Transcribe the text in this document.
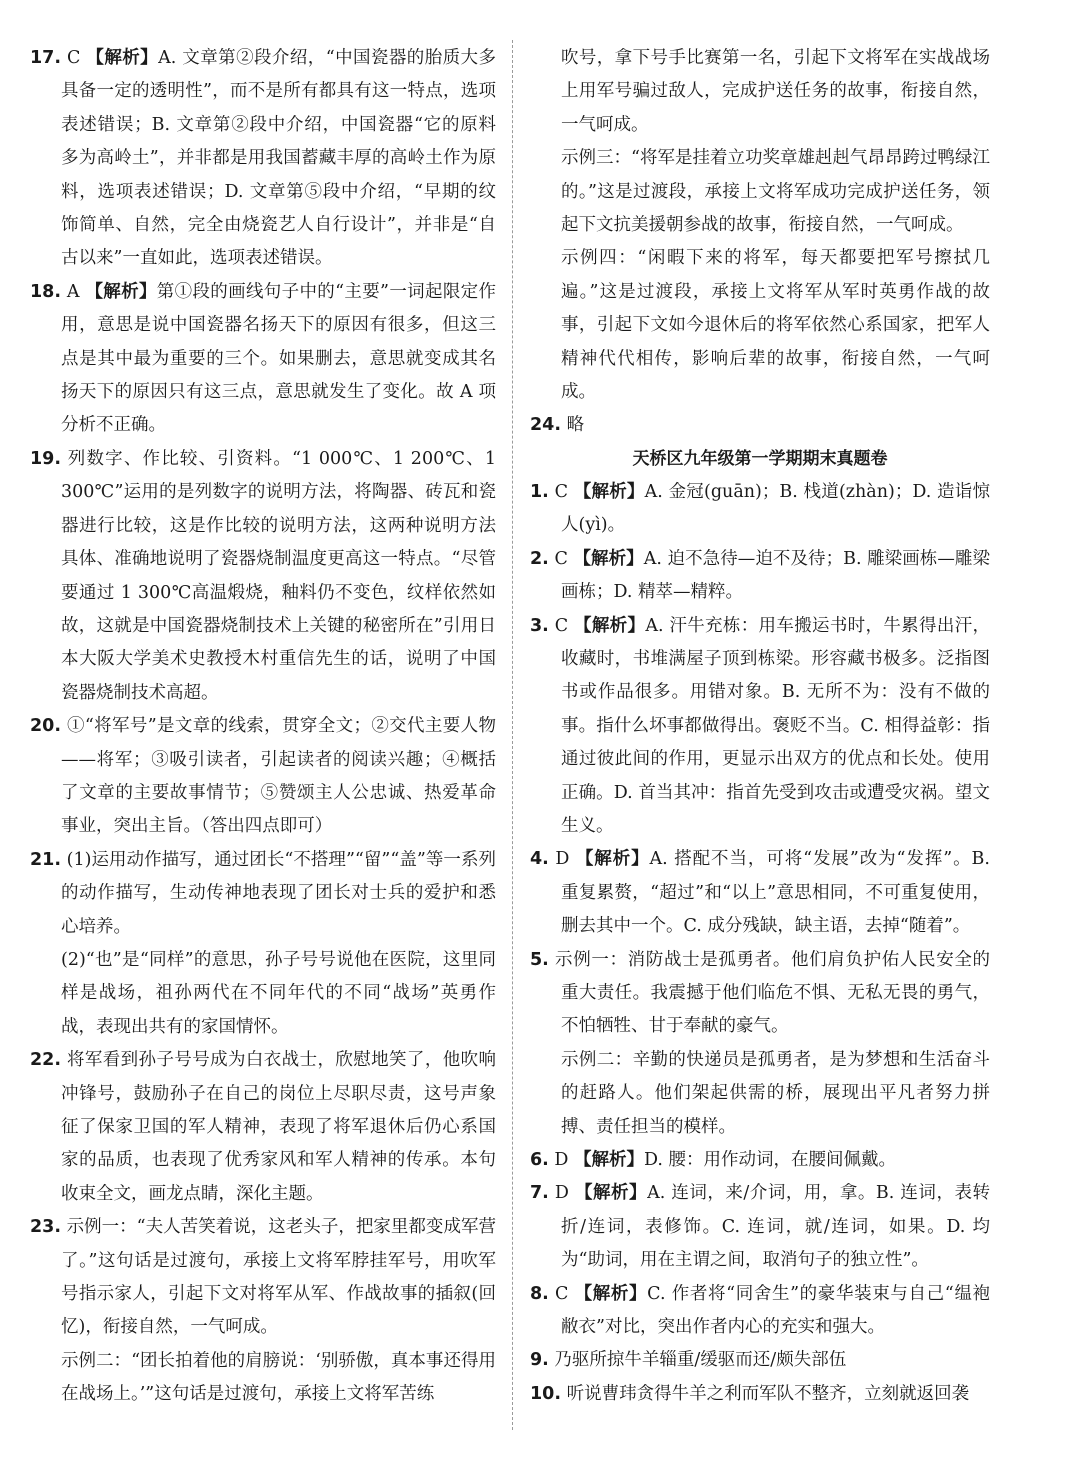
17. C 【解析】A. 文章第②段介绍，“中国瓷器的胎质大多具备一定的透明性”，而不是所有都具有这一特点，选项表述错误；B. 文章第②段中介绍，中国瓷器“它的原料多为高岭土”，并非都是用我国蓄藏丰厚的高岭土作为原料，选项表述错误；D. 文章第⑤段中介绍，“早期的纹饰简单、自然，完全由烧瓷艺人自行设计”，并非是“自古以来”一直如此，选项表述错误。

18. A 【解析】第①段的画线句子中的“主要”一词起限定作用，意思是说中国瓷器名扬天下的原因有很多，但这三点是其中最为重要的三个。如果删去，意思就变成其名扬天下的原因只有这三点，意思就发生了变化。故 A 项分析不正确。

19. 列数字、作比较、引资料。“1 000℃、1 200℃、1 300℃”运用的是列数字的说明方法，将陶器、砖瓦和瓷器进行比较，这是作比较的说明方法，这两种说明方法具体、准确地说明了瓷器烧制温度更高这一特点。“尽管要通过 1 300℃高温煅烧，釉料仍不变色，纹样依然如故，这就是中国瓷器烧制技术上关键的秘密所在”引用日本大阪大学美术史教授木村重信先生的话，说明了中国瓷器烧制技术高超。

20. ①“将军号”是文章的线索，贯穿全文；②交代主要人物——将军；③吸引读者，引起读者的阅读兴趣；④概括了文章的主要故事情节；⑤赞颂主人公忠诚、热爱革命事业，突出主旨。（答出四点即可）

21. (1)运用动作描写，通过团长“不搭理”“留”“盖”等一系列的动作描写，生动传神地表现了团长对士兵的爱护和悉心培养。

(2)“也”是“同样”的意思，孙子号号说他在医院，这里同样是战场，祖孙两代在不同年代的不同“战场”英勇作战，表现出共有的家国情怀。

22. 将军看到孙子号号成为白衣战士，欣慰地笑了，他吹响冲锋号，鼓励孙子在自己的岗位上尽职尽责，这号声象征了保家卫国的军人精神，表现了将军退休后仍心系国家的品质，也表现了优秀家风和军人精神的传承。本句收束全文，画龙点睛，深化主题。

23. 示例一：“夫人苦笑着说，这老头子，把家里都变成军营了。”这句话是过渡句，承接上文将军脖挂军号，用吹军号指示家人，引起下文对将军从军、作战故事的插叙(回忆)，衔接自然，一气呵成。

示例二：“团长拍着他的肩膀说：‘别骄傲，真本事还得用在战场上。’”这句话是过渡句，承接上文将军苦练

吹号，拿下号手比赛第一名，引起下文将军在实战战场上用军号骗过敌人，完成护送任务的故事，衔接自然，一气呵成。

示例三：“将军是挂着立功奖章雄赳赳气昂昂跨过鸭绿江的。”这是过渡段，承接上文将军成功完成护送任务，领起下文抗美援朝参战的故事，衔接自然，一气呵成。

示例四：“闲暇下来的将军，每天都要把军号擦拭几遍。”这是过渡段，承接上文将军从军时英勇作战的故事，引起下文如今退休后的将军依然心系国家，把军人精神代代相传，影响后辈的故事，衔接自然，一气呵成。

24. 略

天桥区九年级第一学期期末真题卷

1. C 【解析】A. 金冠(guān)；B. 栈道(zhàn)；D. 造诣惊人(yì)。

2. C 【解析】A. 迫不急待—迫不及待；B. 雕梁画栋—雕梁画栋；D. 精萃—精粹。

3. C 【解析】A. 汗牛充栋：用车搬运书时，牛累得出汗，收藏时，书堆满屋子顶到栋梁。形容藏书极多。泛指图书或作品很多。用错对象。B. 无所不为：没有不做的事。指什么坏事都做得出。褒贬不当。C. 相得益彰：指通过彼此间的作用，更显示出双方的优点和长处。使用正确。D. 首当其冲：指首先受到攻击或遭受灾祸。望文生义。

4. D 【解析】A. 搭配不当，可将“发展”改为“发挥”。B. 重复累赘，“超过”和“以上”意思相同，不可重复使用，删去其中一个。C. 成分残缺，缺主语，去掉“随着”。

5. 示例一：消防战士是孤勇者。他们肩负护佑人民安全的重大责任。我震撼于他们临危不惧、无私无畏的勇气，不怕牺牲、甘于奉献的豪气。

示例二：辛勤的快递员是孤勇者，是为梦想和生活奋斗的赶路人。他们架起供需的桥，展现出平凡者努力拼搏、责任担当的模样。

6. D 【解析】D. 腰：用作动词，在腰间佩戴。

7. D 【解析】A. 连词，来/介词，用，拿。B. 连词，表转折/连词，表修饰。C. 连词，就/连词，如果。D. 均为“助词，用在主谓之间，取消句子的独立性”。

8. C 【解析】C. 作者将“同舍生”的豪华装束与自己“缊袍敝衣”对比，突出作者内心的充实和强大。

9. 乃驱所掠牛羊辎重/缓驱而还/颇失部伍

10. 听说曹玮贪得牛羊之利而军队不整齐，立刻就返回袭
